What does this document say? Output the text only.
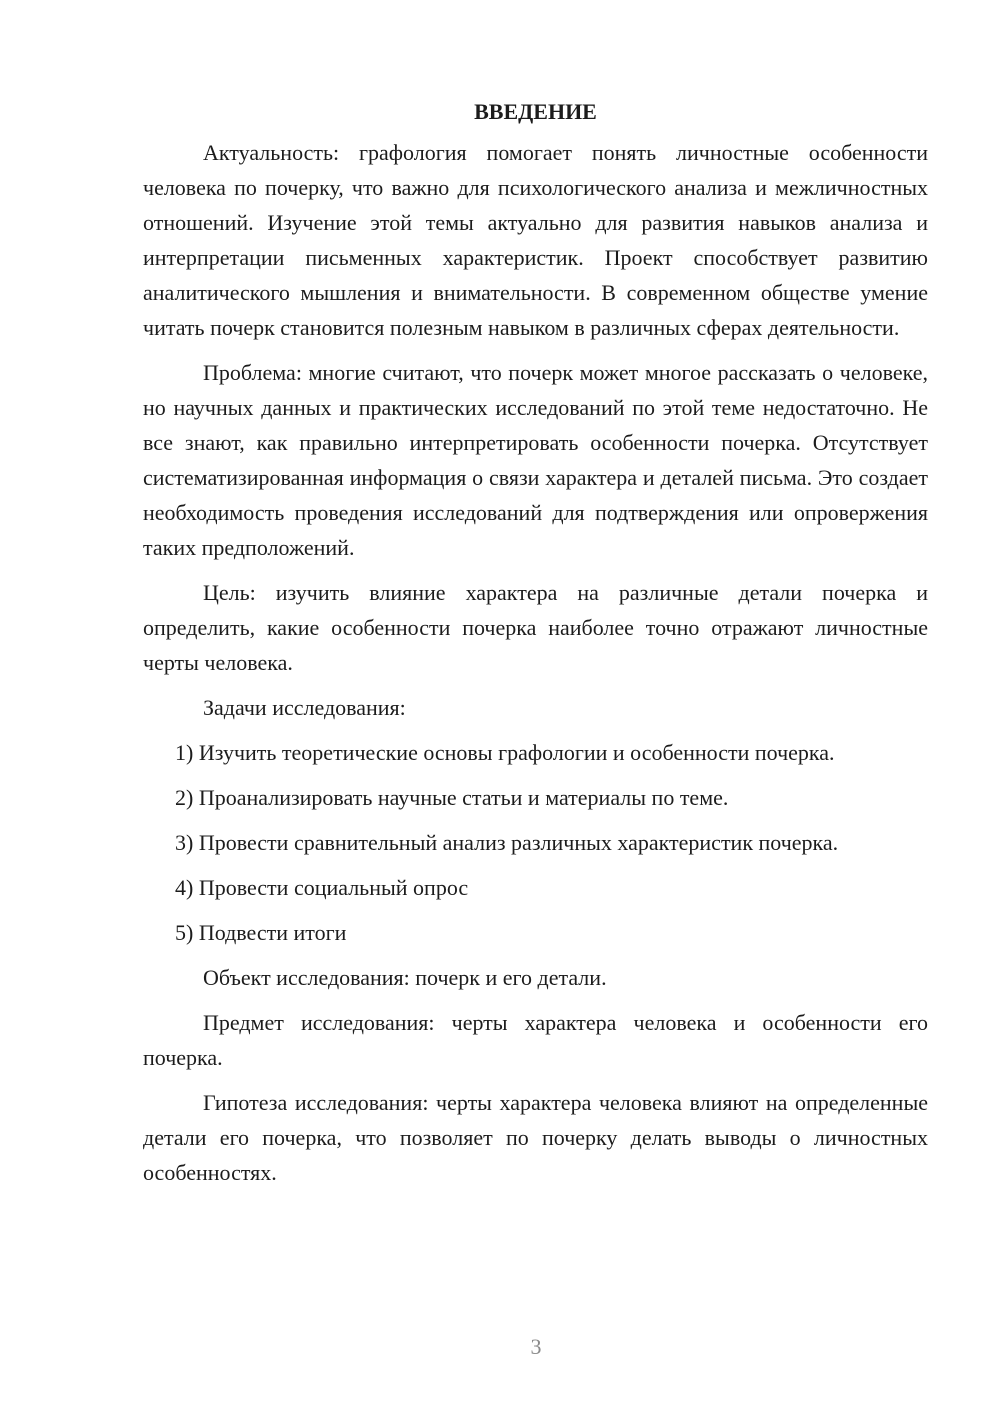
ВВЕДЕНИЕ

Актуальность: графология помогает понять личностные особенности человека по почерку, что важно для психологического анализа и межличностных отношений. Изучение этой темы актуально для развития навыков анализа и интерпретации письменных характеристик. Проект способствует развитию аналитического мышления и внимательности. В современном обществе умение читать почерк становится полезным навыком в различных сферах деятельности.

Проблема: многие считают, что почерк может многое рассказать о человеке, но научных данных и практических исследований по этой теме недостаточно. Не все знают, как правильно интерпретировать особенности почерка. Отсутствует систематизированная информация о связи характера и деталей письма. Это создает необходимость проведения исследований для подтверждения или опровержения таких предположений.

Цель: изучить влияние характера на различные детали почерка и определить, какие особенности почерка наиболее точно отражают личностные черты человека.

Задачи исследования:

1) Изучить теоретические основы графологии и особенности почерка.
2) Проанализировать научные статьи и материалы по теме.
3) Провести сравнительный анализ различных характеристик почерка.
4) Провести социальный опрос
5) Подвести итоги

Объект исследования: почерк и его детали.

Предмет исследования: черты характера человека и особенности его почерка.

Гипотеза исследования: черты характера человека влияют на определенные детали его почерка, что позволяет по почерку делать выводы о личностных особенностях.

3
